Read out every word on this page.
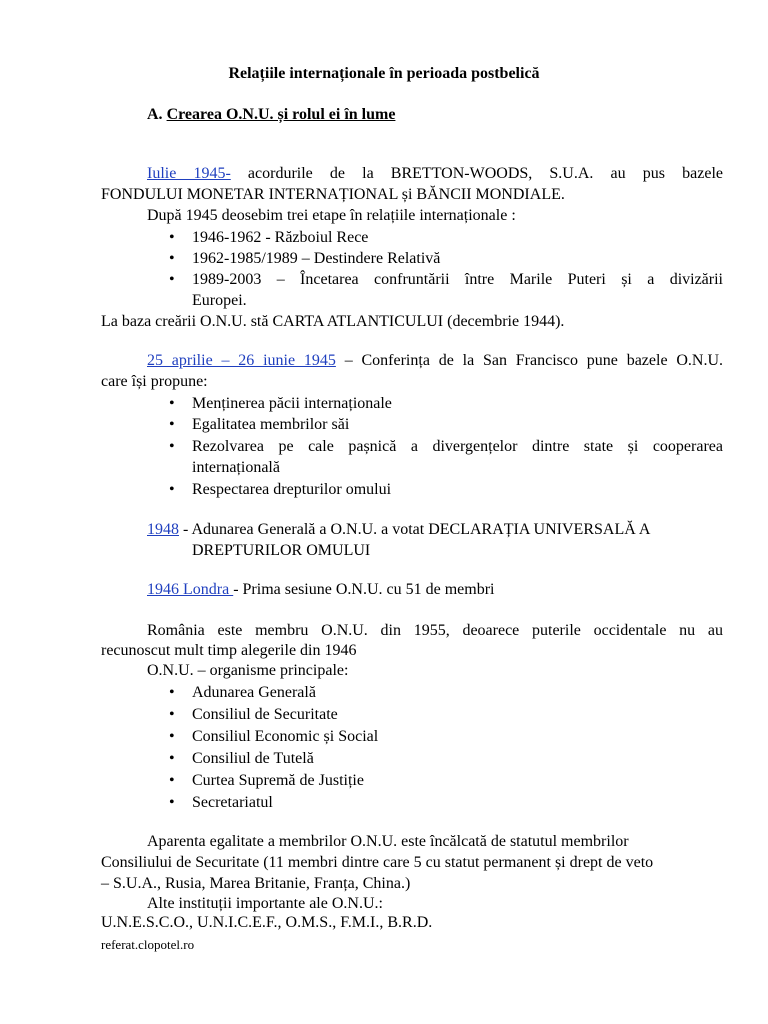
Relațiile internaționale în perioada postbelică
A. Crearea O.N.U. și rolul ei în lume
Iulie 1945- acordurile de la BRETTON-WOODS, S.U.A. au pus bazele
FONDULUI MONETAR INTERNAȚIONAL și BĂNCII MONDIALE.
După 1945 deosebim trei etape în relațiile internaționale :
• 1946-1962 - Războiul Rece
• 1962-1985/1989 – Destindere Relativă
• 1989-2003 – Încetarea confruntării între Marile Puteri și a divizării
Europei.
La baza creării O.N.U. stă CARTA ATLANTICULUI (decembrie 1944).
25 aprilie – 26 iunie 1945 – Conferința de la San Francisco pune bazele O.N.U.
care își propune:
• Menținerea păcii internaționale
• Egalitatea membrilor săi
• Rezolvarea pe cale pașnică a divergențelor dintre state și cooperarea
internațională
• Respectarea drepturilor omului
1948 - Adunarea Generală a O.N.U. a votat DECLARAȚIA UNIVERSALĂ A
DREPTURILOR OMULUI
1946 Londra - Prima sesiune O.N.U. cu 51 de membri
România este membru O.N.U. din 1955, deoarece puterile occidentale nu au
recunoscut mult timp alegerile din 1946
O.N.U. – organisme principale:
• Adunarea Generală
• Consiliul de Securitate
• Consiliul Economic și Social
• Consiliul de Tutelă
• Curtea Supremă de Justiție
• Secretariatul
Aparenta egalitate a membrilor O.N.U. este încălcată de statutul membrilor
Consiliului de Securitate (11 membri dintre care 5 cu statut permanent și drept de veto
– S.U.A., Rusia, Marea Britanie, Franța, China.)
Alte instituții importante ale O.N.U.:
U.N.E.S.C.O., U.N.I.C.E.F., O.M.S., F.M.I., B.R.D.
referat.clopotel.ro
